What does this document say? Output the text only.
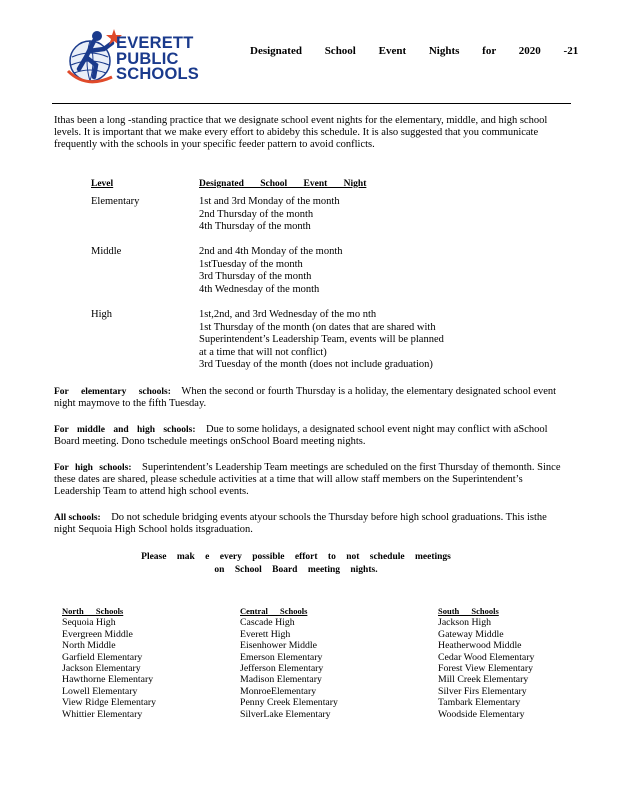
EVERETT
PUBLIC
SCHOOLS
Designated School Event Nights for 2020 -21
Ithas been a long -standing practice that we designate school event nights for the elementary, middle, and high school levels. It is important that we make every effort to abideby this schedule. It is also suggested that you communicate frequently with the schools in your specific feeder pattern to avoid conflicts.
Level	Designated School Event Night
Elementary	1st and 3rd Monday of the month
2nd Thursday of the month
4th Thursday of the month
Middle	2nd and 4th Monday of the month
1stTuesday of the month
3rd Thursday of the month
4th Wednesday of the month
High	1st,2nd, and 3rd Wednesday of the mo nth
1st Thursday of the month (on dates that are shared with
Superintendent’s Leadership Team, events will be planned
at a time that will not conflict)
3rd Tuesday of the month (does not include graduation)
For elementary schools: When the second or fourth Thursday is a holiday, the elementary designated school event night maymove to the fifth Tuesday.
For middle and high schools: Due to some holidays, a designated school event night may conflict with aSchool Board meeting. Dono tschedule meetings onSchool Board meeting nights.
For high schools: Superintendent’s Leadership Team meetings are scheduled on the first Thursday of themonth. Since these dates are shared, please schedule activities at a time that will allow staff members on the Superintendent’s Leadership Team to attend high school events.
All schools: Do not schedule bridging events atyour schools the Thursday before high school graduations. This isthe night Sequoia High School holds itsgraduation.
Please mak e every possible effort to not schedule meetings
on School Board meeting nights.
North Schools
Sequoia High
Evergreen Middle
North Middle
Garfield Elementary
Jackson Elementary
Hawthorne Elementary
Lowell Elementary
View Ridge Elementary
Whittier Elementary
Central Schools
Cascade High
Everett High
Eisenhower Middle
Emerson Elementary
Jefferson Elementary
Madison Elementary
MonroeElementary
Penny Creek Elementary
SilverLake Elementary
South Schools
Jackson High
Gateway Middle
Heatherwood Middle
Cedar Wood Elementary
Forest View Elementary
Mill Creek Elementary
Silver Firs Elementary
Tambark Elementary
Woodside Elementary
